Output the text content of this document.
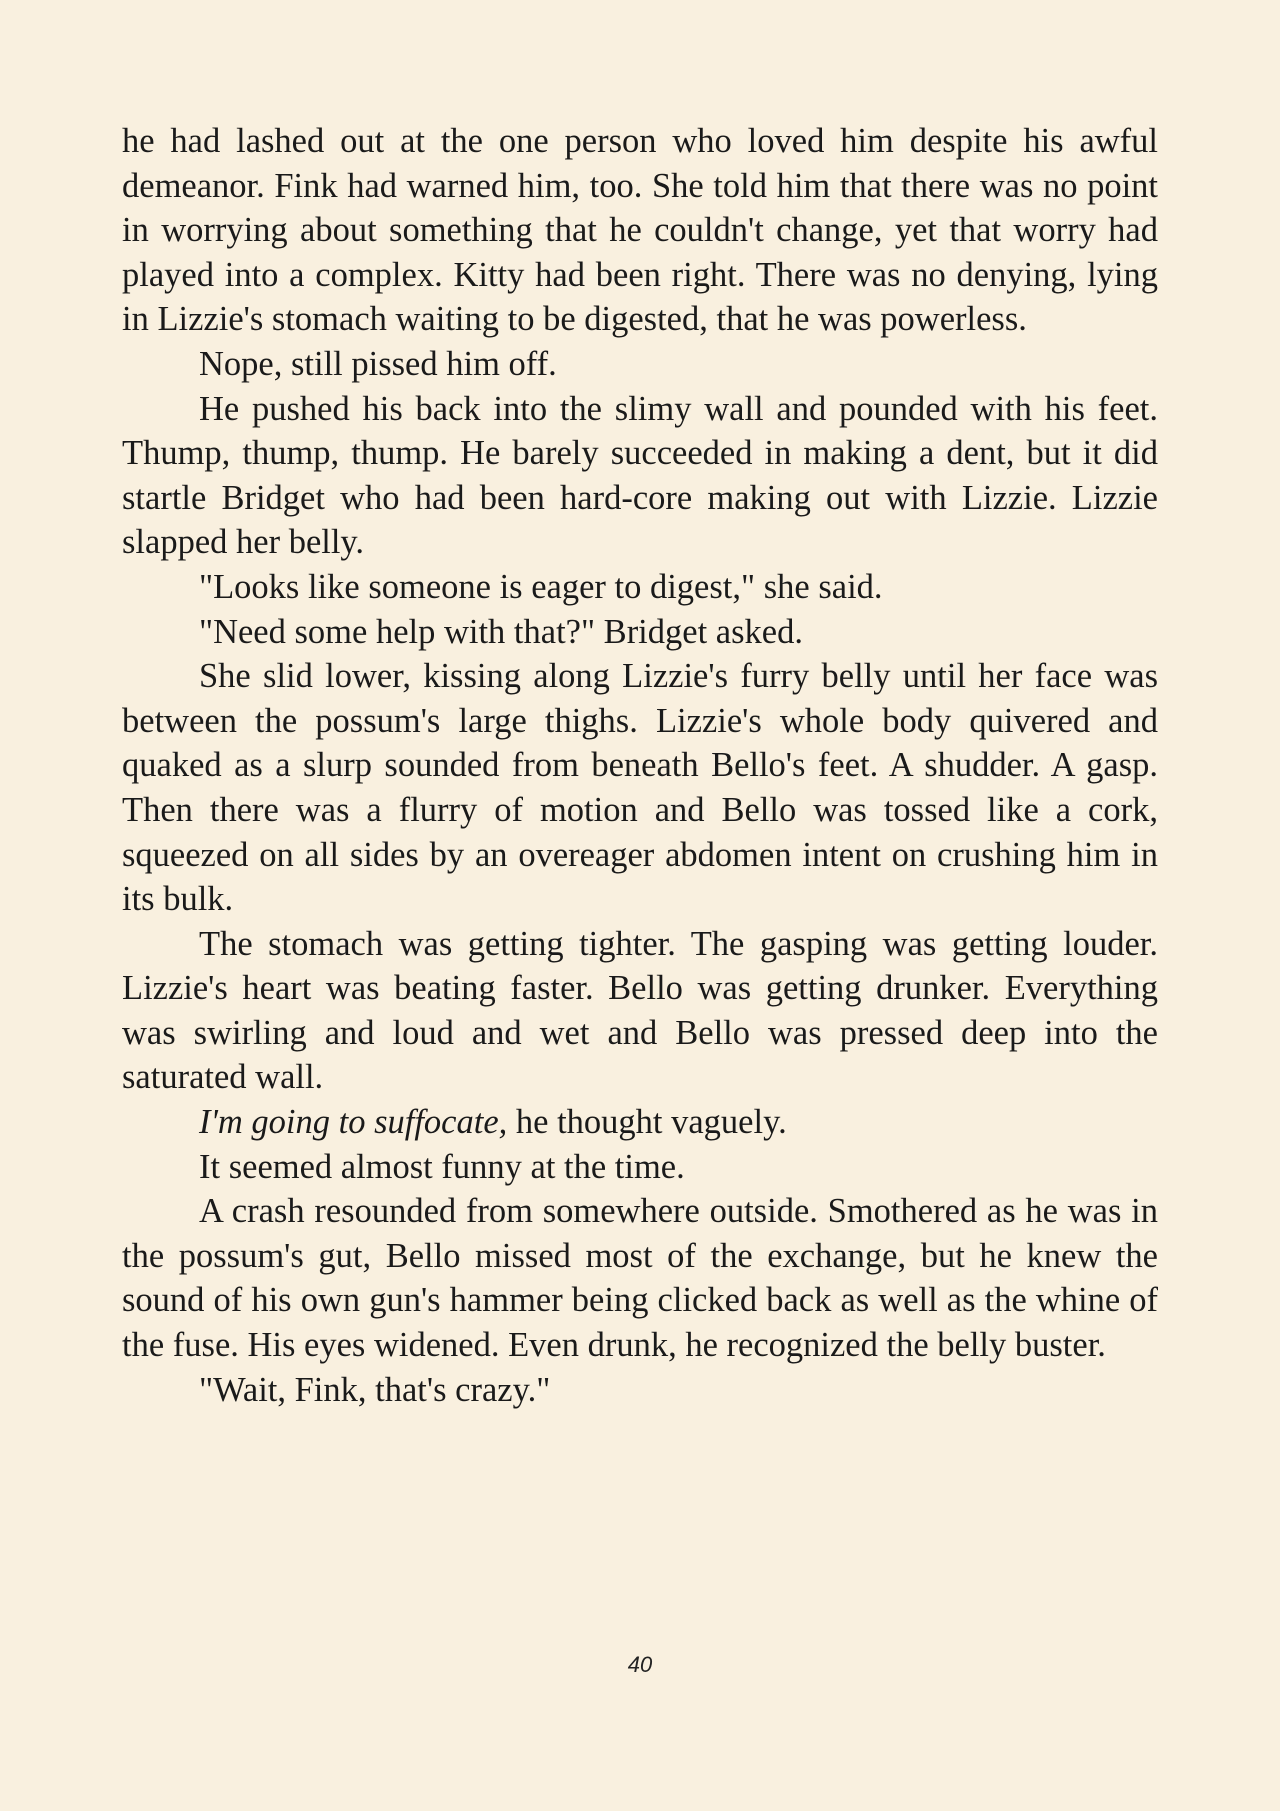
he had lashed out at the one person who loved him despite his awful demeanor. Fink had warned him, too. She told him that there was no point in worrying about something that he couldn't change, yet that worry had played into a complex. Kitty had been right. There was no denying, lying in Lizzie's stomach waiting to be digested, that he was powerless.

Nope, still pissed him off.

He pushed his back into the slimy wall and pounded with his feet. Thump, thump, thump. He barely succeeded in making a dent, but it did startle Bridget who had been hard-core making out with Lizzie. Lizzie slapped her belly.

"Looks like someone is eager to digest," she said.

"Need some help with that?" Bridget asked.

She slid lower, kissing along Lizzie's furry belly until her face was between the possum's large thighs. Lizzie's whole body quivered and quaked as a slurp sounded from beneath Bello's feet. A shudder. A gasp. Then there was a flurry of motion and Bello was tossed like a cork, squeezed on all sides by an overeager abdomen intent on crushing him in its bulk.

The stomach was getting tighter. The gasping was getting louder. Lizzie's heart was beating faster. Bello was getting drunker. Everything was swirling and loud and wet and Bello was pressed deep into the saturated wall.

I'm going to suffocate, he thought vaguely.

It seemed almost funny at the time.

A crash resounded from somewhere outside. Smothered as he was in the possum's gut, Bello missed most of the exchange, but he knew the sound of his own gun's hammer being clicked back as well as the whine of the fuse. His eyes widened. Even drunk, he recognized the belly buster.

"Wait, Fink, that's crazy."

40
